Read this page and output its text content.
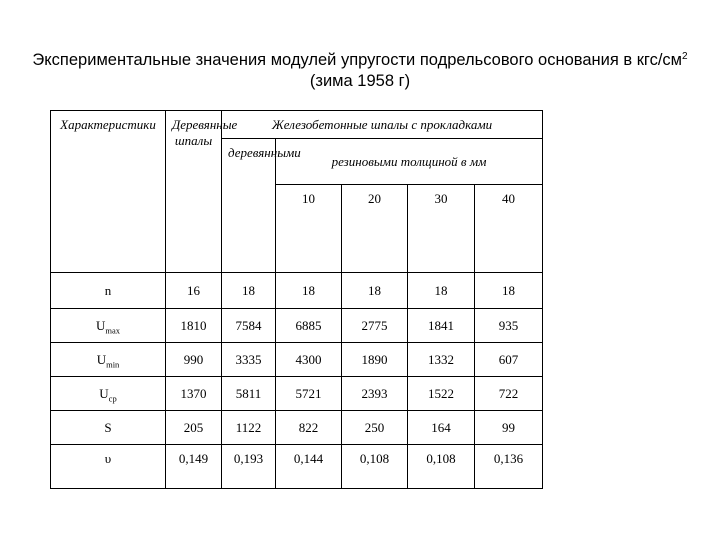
Экспериментальные значения модулей упругости подрельсового основания в кгс/$см^2$
(зима 1958 г)
Характеристики	Деревянные шпалы	Железобетонные шпалы с прокладками				
		деревянными	резиновыми толщиной в мм			
			10	20	30	40
n	16	18	18	18	18	18
$U_{max}$	1810	7584	6885	2775	1841	935
$U_{min}$	990	3335	4300	1890	1332	607
$U_{ср}$	1370	5811	5721	2393	1522	722
S	205	1122	822	250	164	99
υ	0,149	0,193	0,144	0,108	0,108	0,136
